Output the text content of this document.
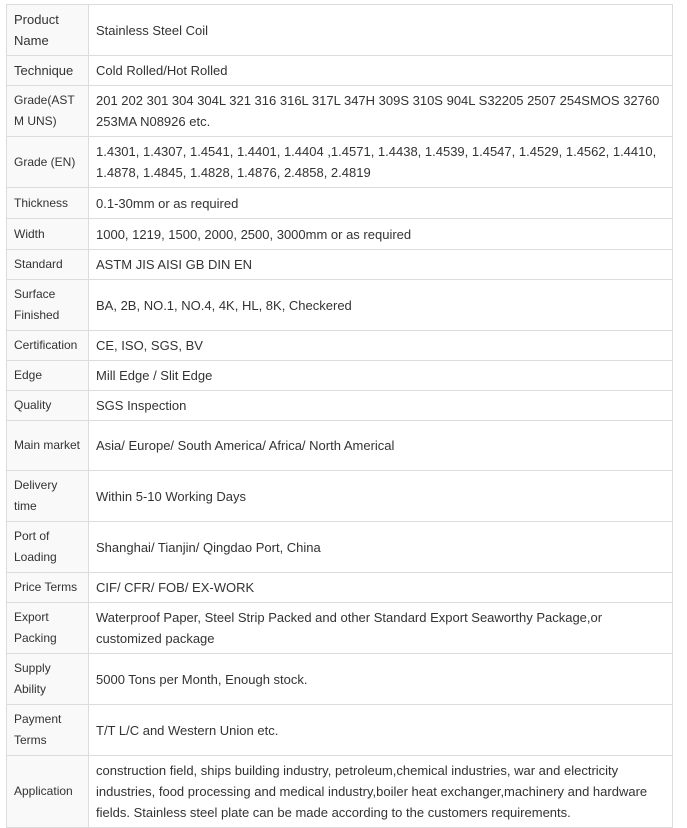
Product Name	Stainless Steel Coil
Technique	Cold Rolled/Hot Rolled
Grade(ASTM UNS)	201 202 301 304 304L 321 316 316L 317L 347H 309S 310S 904L S32205 2507 254SMOS 32760 253MA N08926 etc.
Grade (EN)	1.4301, 1.4307, 1.4541, 1.4401, 1.4404 ,1.4571, 1.4438, 1.4539, 1.4547, 1.4529, 1.4562, 1.4410, 1.4878, 1.4845, 1.4828, 1.4876, 2.4858, 2.4819
Thickness	0.1-30mm or as required
Width	1000, 1219, 1500, 2000, 2500, 3000mm or as required
Standard	ASTM JIS AISI GB DIN EN
Surface Finished	BA, 2B, NO.1, NO.4, 4K, HL, 8K, Checkered
Certification	CE, ISO, SGS, BV
Edge	Mill Edge / Slit Edge
Quality	SGS Inspection
Main market	Asia/ Europe/ South America/ Africa/ North Americal
Delivery time	Within 5-10 Working Days
Port of Loading	Shanghai/ Tianjin/ Qingdao Port, China
Price Terms	CIF/ CFR/ FOB/ EX-WORK
Export Packing	Waterproof Paper, Steel Strip Packed and other Standard Export Seaworthy Package,or customized package
Supply Ability	5000 Tons per Month, Enough stock.
Payment Terms	T/T L/C and Western Union etc.
Application	construction field, ships building industry, petroleum,chemical industries, war and electricity industries, food processing and medical industry,boiler heat exchanger,machinery and hardware fields. Stainless steel plate can be made according to the customers requirements.
